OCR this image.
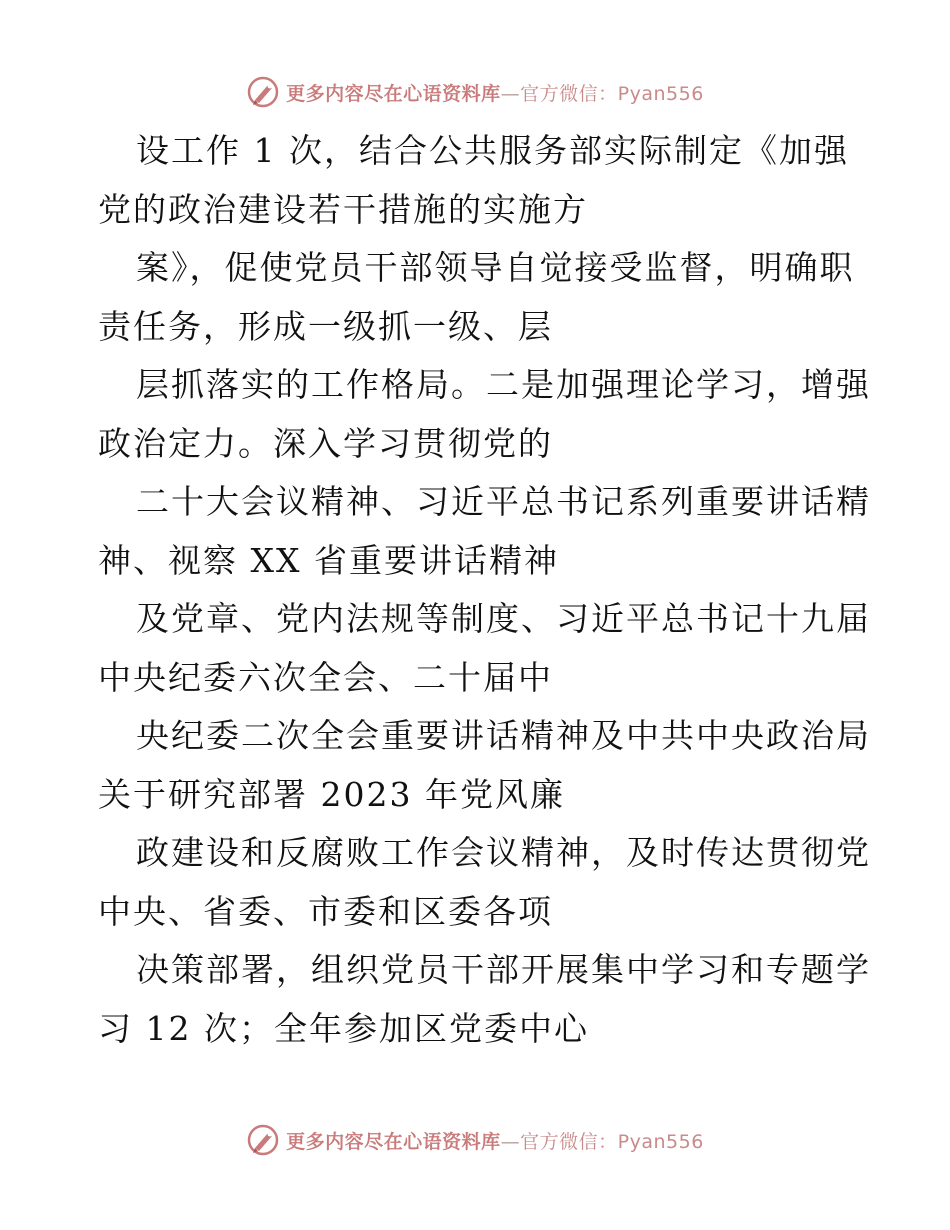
更多内容尽在心语资料库—官方微信：Pyan556
设工作 1 次，结合公共服务部实际制定《加强
党的政治建设若干措施的实施方
案》，促使党员干部领导自觉接受监督，明确职
责任务，形成一级抓一级、层
层抓落实的工作格局。二是加强理论学习，增强
政治定力。深入学习贯彻党的
二十大会议精神、习近平总书记系列重要讲话精
神、视察 XX 省重要讲话精神
及党章、党内法规等制度、习近平总书记十九届
中央纪委六次全会、二十届中
央纪委二次全会重要讲话精神及中共中央政治局
关于研究部署 2023 年党风廉
政建设和反腐败工作会议精神，及时传达贯彻党
中央、省委、市委和区委各项
决策部署，组织党员干部开展集中学习和专题学
习 12 次；全年参加区党委中心
更多内容尽在心语资料库—官方微信：Pyan556
